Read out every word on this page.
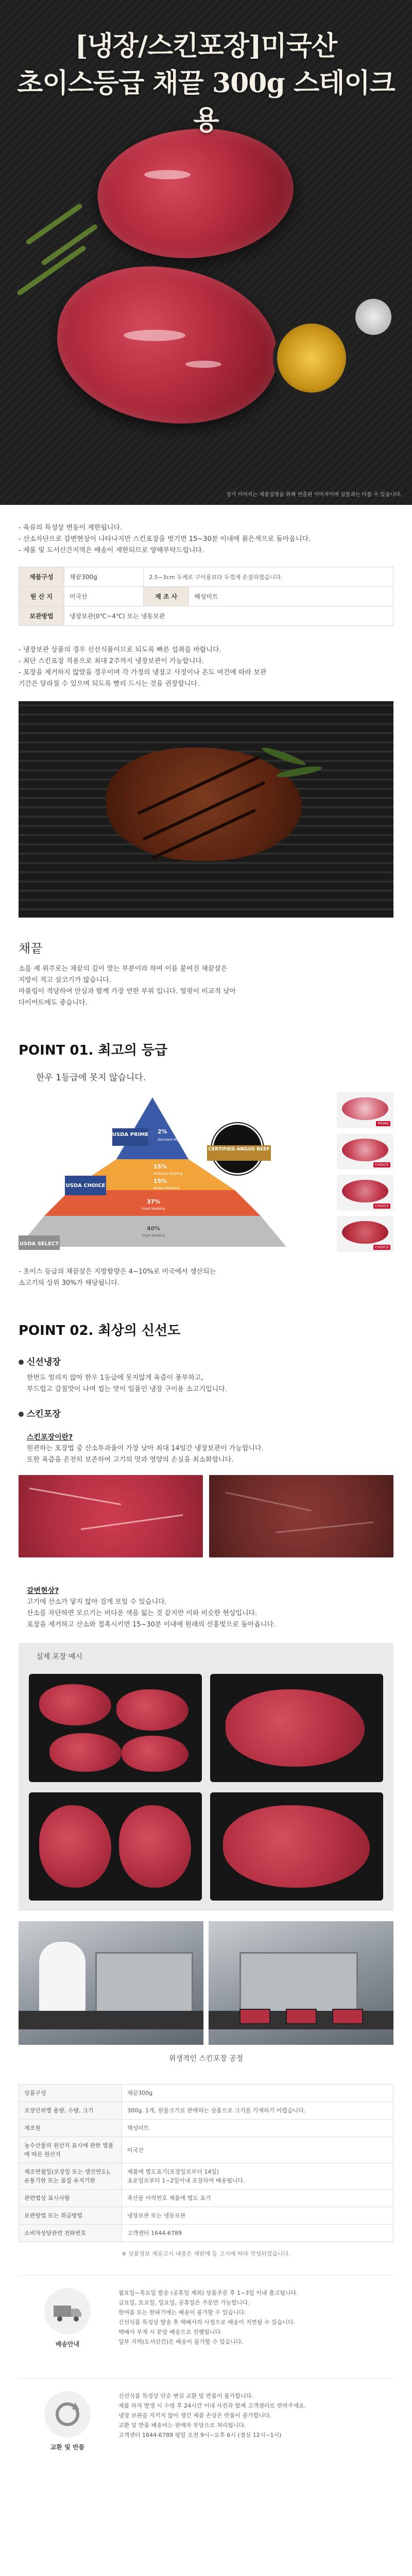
[냉장/스킨포장]미국산
초이스등급 채끝 300g 스테이크용
상기 이미지는 제품설명을 위해 연출된 이미지이며 실물과는 다를 수 있습니다.

- 육류의 특성상 변동이 제한됩니다.

- 산소차단으로 갈변현상이 나타나지만 스킨포장을 벗기면 15~30분 이내에 붉은색으로 돌아옵니다.

- 제품 및 도서산간지역은 배송이 제한되므로 양해부탁드립니다.

제품구성	채끝300g	2.5~3cm 두께로 구이용보다 두껍게 손질하였습니다.	
원 산 지	미국산	제 조 사	해성미트
보관방법	냉장보관(0℃~4℃) 또는 냉동보관		

- 냉장보관 상품의 경우 신선식품이므로 되도록 빠른 섭취를 바랍니다.

- 최단 스킨포장 적용으로 최대 2주까지 냉장보관이 가능합니다.

- 포장을 제거하지 않았을 경우이며 각 가정의 냉장고 사정이나 온도 여건에 따라 보관

기간은 달라질 수 있으며 되도록 빨리 드시는 것을 권장합니다.

채끝

소를 제 위주로는 채끝의 깊이 맞는 부분이라 하여 이름 붙여진 채끝살은

지방이 적고 살코기가 많습니다.

마블링이 적당하여 안심과 함께 가장 연한 부위 입니다. 얼핏이 비교적 낮아

다이어트에도 좋습니다.

POINT 01. 최고의 등급
한우 1등급에 못지 않습니다.
USDA PRIME
USDA CHOICE
USDA SELECT
2%
Abundant Marbling
15%
Moderate Marbling
15%
Modest Marbling
37%
Small Marbling
40%
Slight Marbling
CERTIFIED ANGUS BEEF
PRIME
CHOICE
CHOICE
CHOICE

- 초이스 등급의 채끝살은 지방함량은 4~10%로 미국에서 생산되는

소고기의 상위 30%가 해당됩니다.

POINT 02. 최상의 신선도
신선냉장

한번도 얼리지 않아 한우 1등급에 못지않게 육즙이 풍부하고,

부드럽고 감칠맛이 나며 씹는 맛이 일품인 냉장 구이용 소고기입니다.

스킨포장

스킨포장이란?

원관하는 포장법 중 산소투과율이 가장 낮아 최대 14일간 냉장보관이 가능합니다.

또한 육즙을 온전히 보존하여 고기의 맛과 영양의 손실을 최소화합니다.

갈변현상?

고기에 산소가 닿지 않아 검게 보일 수 있습니다.

산소를 차단하면 모르기는 비다운 색을 잃는 것 같지만 이와 비슷한 현상입니다.

포장을 제거하고 산소와 접촉시키면 15~30분 이내에 원래의 선홍빛으로 돌아옵니다.

실제 포장 예시
위생적인 스킨포장 공정
상품구성	채끝300g
포장단위별 용량, 수량, 크기	300g, 1개, 원물크기로 판매하는 상품으로 크기를 기재하기 어렵습니다.
제조원	해성미트
농수산물의 원산지 표시에 관한 법률에 따른 원산지	미국산
제조연월일(포장일 또는 생산연도), 유통기한 또는 품질 유지기한	제품에 별도표기(포장일로부터 14일)
초운일로부터 1~2일이내 포장하여 배송됩니다.
관련법상 표시사항	축산물 이력번호 제품에 별도 표기
보관방법 또는 취급방법	냉장보관 또는 냉동보관
소비자상담관련 전화번호	고객센터 1644-6789
※ 상품정보 제공고시 내용은 재판매 등 고시에 따라 작성되었습니다.
배송안내

월요일~목요일 발송 (공휴일 제외) 상품주문 후 1~3일 이내 출고됩니다.

금요일, 토요일, 일요일, 공휴일은 주문만 가능합니다.

한여름 또는 한파기에는 배송이 불가할 수 있습니다.

신선식품 특성상 발송 후 택배사의 사정으로 배송이 지연될 수 있습니다.

택배사 부재 시 문앞 배송으로 진행됩니다.

일부 지역(도서산간)은 배송이 불가할 수 있습니다.

교환 및 반품

신선식품 특성상 단순 변심 교환 및 반품이 불가합니다.

제품 하자 발생 시 수령 후 24시간 이내 사진과 함께 고객센터로 연락주세요.

냉장 보관을 지키지 않아 생긴 제품 손상은 반품이 불가합니다.

교환 및 반품 배송비는 판매자 부담으로 처리됩니다.

고객센터 1644-6789 평일 오전 9시~오후 6시 (점심 12시~1시)
